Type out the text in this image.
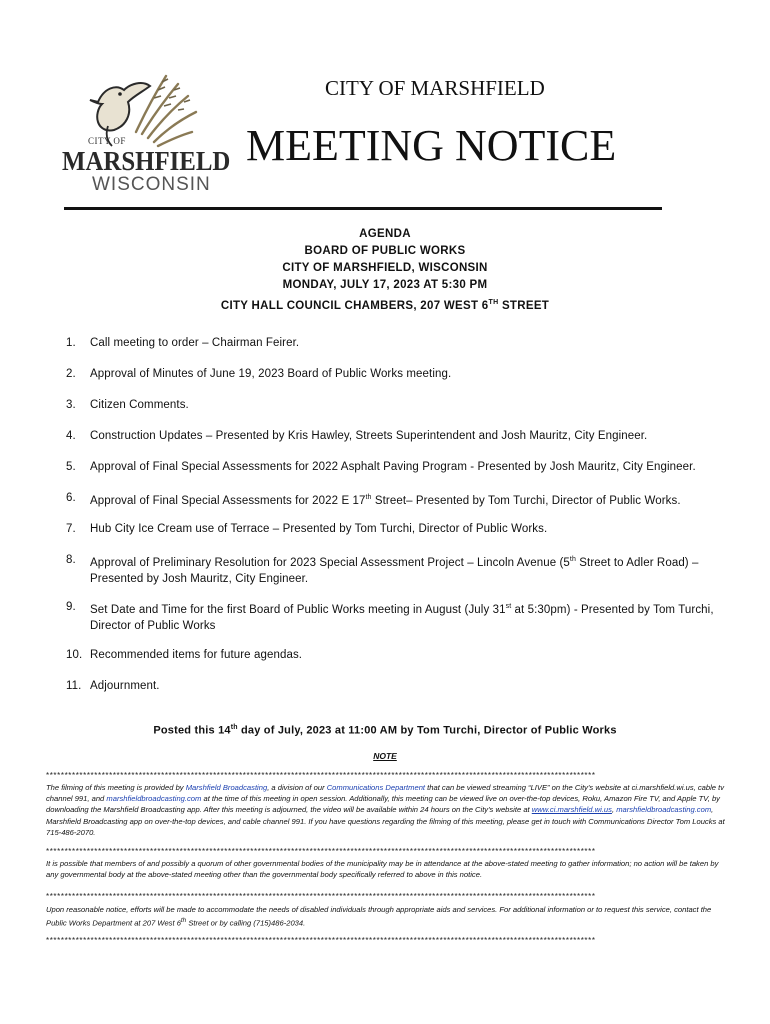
CITY OF
MARSHFIELD
WISCONSIN
CITY OF MARSHFIELD
MEETING NOTICE
AGENDA
BOARD OF PUBLIC WORKS
CITY OF MARSHFIELD, WISCONSIN
MONDAY, JULY 17, 2023 AT 5:30 PM
CITY HALL COUNCIL CHAMBERS, 207 WEST 6TH STREET
1.	Call meeting to order – Chairman Feirer.
2.	Approval of Minutes of June 19, 2023 Board of Public Works meeting.
3.	Citizen Comments.
4.	Construction Updates – Presented by Kris Hawley, Streets Superintendent and Josh Mauritz, City Engineer.
5.	Approval of Final Special Assessments for 2022 Asphalt Paving Program - Presented by Josh Mauritz, City Engineer.
6.	Approval of Final Special Assessments for 2022 E 17th Street– Presented by Tom Turchi, Director of Public Works.
7.	Hub City Ice Cream use of Terrace – Presented by Tom Turchi, Director of Public Works.
8.	Approval of Preliminary Resolution for 2023 Special Assessment Project – Lincoln Avenue (5th Street to Adler Road) – Presented by Josh Mauritz, City Engineer.
9.	Set Date and Time for the first Board of Public Works meeting in August (July 31st at 5:30pm) - Presented by Tom Turchi, Director of Public Works
10. Recommended items for future agendas.
11. Adjournment.
Posted this 14th day of July, 2023 at 11:00 AM by Tom Turchi, Director of Public Works
NOTE
****************************************************************************************************************************************************
The filming of this meeting is provided by Marshfield Broadcasting, a division of our Communications Department that can be viewed streaming “LIVE” on the City's website at ci.marshfield.wi.us, cable tv channel 991, and marshfieldbroadcasting.com at the time of this meeting in open session. Additionally, this meeting can be viewed live on over-the-top devices, Roku, Amazon Fire TV, and Apple TV, by downloading the Marshfield Broadcasting app. After this meeting is adjourned, the video will be available within 24 hours on the City's website at www.ci.marshfield.wi.us, marshfieldbroadcasting.com, Marshfield Broadcasting app on over-the-top devices, and cable channel 991. If you have questions regarding the filming of this meeting, please get in touch with Communications Director Tom Loucks at 715-486-2070.
****************************************************************************************************************************************************
It is possible that members of and possibly a quorum of other governmental bodies of the municipality may be in attendance at the above-stated meeting to gather information; no action will be taken by any governmental body at the above-stated meeting other than the governmental body specifically referred to above in this notice.
****************************************************************************************************************************************************
Upon reasonable notice, efforts will be made to accommodate the needs of disabled individuals through appropriate aids and services. For additional information or to request this service, contact the Public Works Department at 207 West 6th Street or by calling (715)486-2034.
****************************************************************************************************************************************************
